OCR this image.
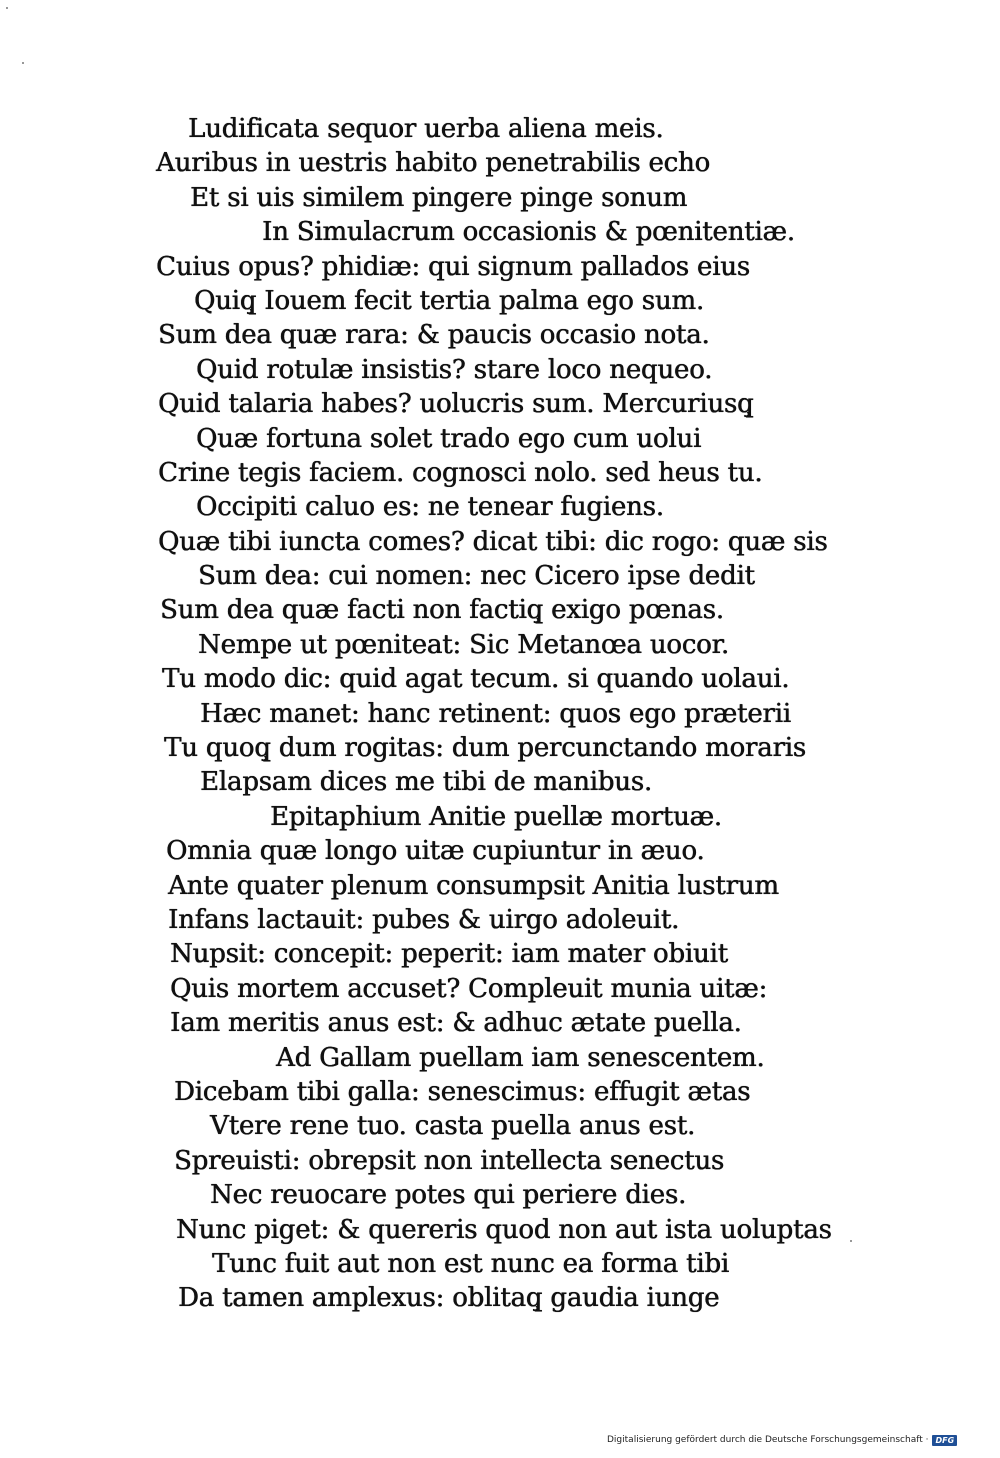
Ludificata sequor uerba aliena meis.
Auribus in uestris habito penetrabilis echo
Et si uis similem pingere pinge sonum
In Simulacrum occasionis & pœnitentiæ.
Cuius opus? phidiæ: qui signum pallados eius
Quiq̧ Iouem fecit tertia palma ego sum.
Sum dea quæ rara: & paucis occasio nota.
Quid rotulæ insistis? stare loco nequeo.
Quid talaria habes? uolucris sum. Mercuriusq̧
Quæ fortuna solet trado ego cum uolui
Crine tegis faciem. cognosci nolo. sed heus tu.
Occipiti caluo es: ne tenear fugiens.
Quæ tibi iuncta comes? dicat tibi: dic rogo: quæ sis
Sum dea: cui nomen: nec Cicero ipse dedit
Sum dea quæ facti non factiq̧ exigo pœnas.
Nempe ut pœniteat: Sic Metanœa uocor.
Tu modo dic: quid agat tecum. si quando uolaui.
Hæc manet: hanc retinent: quos ego præterii
Tu quoq̧ dum rogitas: dum percunctando moraris
Elapsam dices me tibi de manibus.
Epitaphium Anitie puellæ mortuæ.
Omnia quæ longo uitæ cupiuntur in æuo.
Ante quater plenum consumpsit Anitia lustrum
Infans lactauit: pubes & uirgo adoleuit.
Nupsit: concepit: peperit: iam mater obiuit
Quis mortem accuset? Compleuit munia uitæ:
Iam meritis anus est: & adhuc ætate puella.
Ad Gallam puellam iam senescentem.
Dicebam tibi galla: senescimus: effugit ætas
Vtere rene tuo. casta puella anus est.
Spreuisti: obrepsit non intellecta senectus
Nec reuocare potes qui periere dies.
Nunc piget: & quereris quod non aut ista uoluptas
Tunc fuit aut non est nunc ea forma tibi
Da tamen amplexus: oblitaq̧ gaudia iunge
Digitalisierung gefördert durch die Deutsche Forschungsgemeinschaft · DFG
